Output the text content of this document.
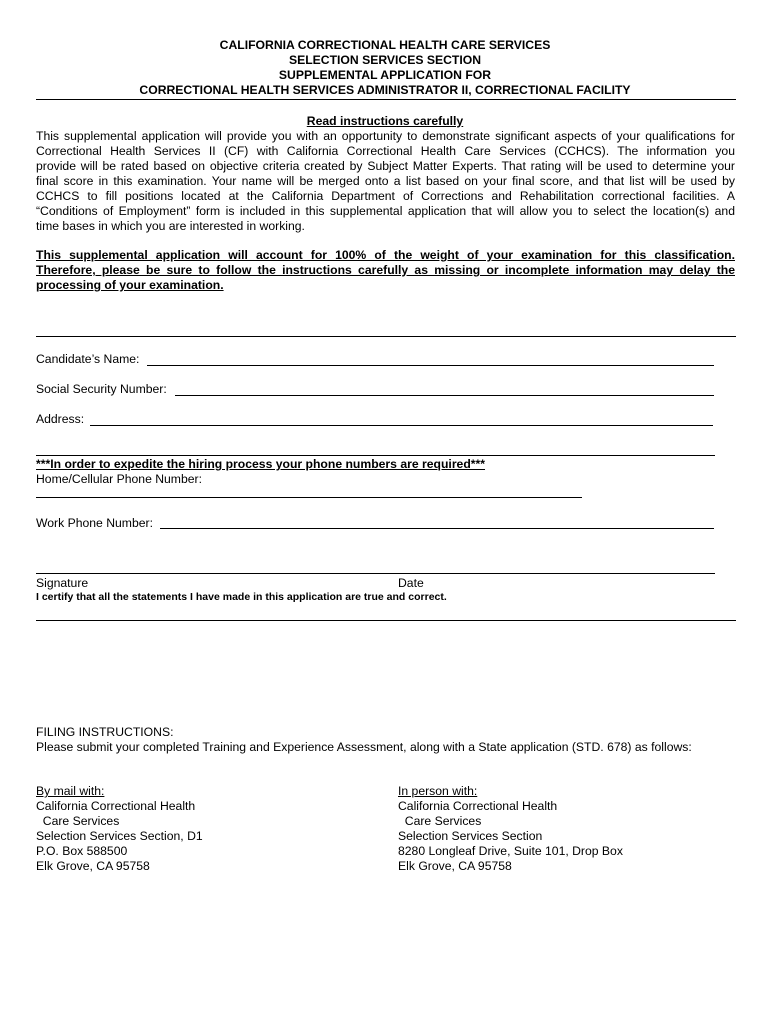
CALIFORNIA CORRECTIONAL HEALTH CARE SERVICES
SELECTION SERVICES SECTION
SUPPLEMENTAL APPLICATION FOR
CORRECTIONAL HEALTH SERVICES ADMINISTRATOR II, CORRECTIONAL FACILITY
Read instructions carefully
This supplemental application will provide you with an opportunity to demonstrate significant aspects of your qualifications for
Correctional Health Services II (CF) with California Correctional Health Care Services (CCHCS). The information you
provide will be rated based on objective criteria created by Subject Matter Experts. That rating will be used to determine your
final score in this examination. Your name will be merged onto a list based on your final score, and that list will be used by
CCHCS to fill positions located at the California Department of Corrections and Rehabilitation correctional facilities. A
“Conditions of Employment” form is included in this supplemental application that will allow you to select the location(s) and
time bases in which you are interested in working.
This supplemental application will account for 100% of the weight of your examination for this classification.
Therefore, please be sure to follow the instructions carefully as missing or incomplete information may delay the
processing of your examination.
Candidate’s Name:
Social Security Number:
Address:
***In order to expedite the hiring process your phone numbers are required***
Home/Cellular Phone Number:
Work Phone Number:
Signature	Date
I certify that all the statements I have made in this application are true and correct.
FILING INSTRUCTIONS:
Please submit your completed Training and Experience Assessment, along with a State application (STD. 678) as follows:
By mail with:
California Correctional Health
Care Services
Selection Services Section, D1
P.O. Box 588500
Elk Grove, CA 95758
In person with:
California Correctional Health
Care Services
Selection Services Section
8280 Longleaf Drive, Suite 101, Drop Box
Elk Grove, CA 95758
